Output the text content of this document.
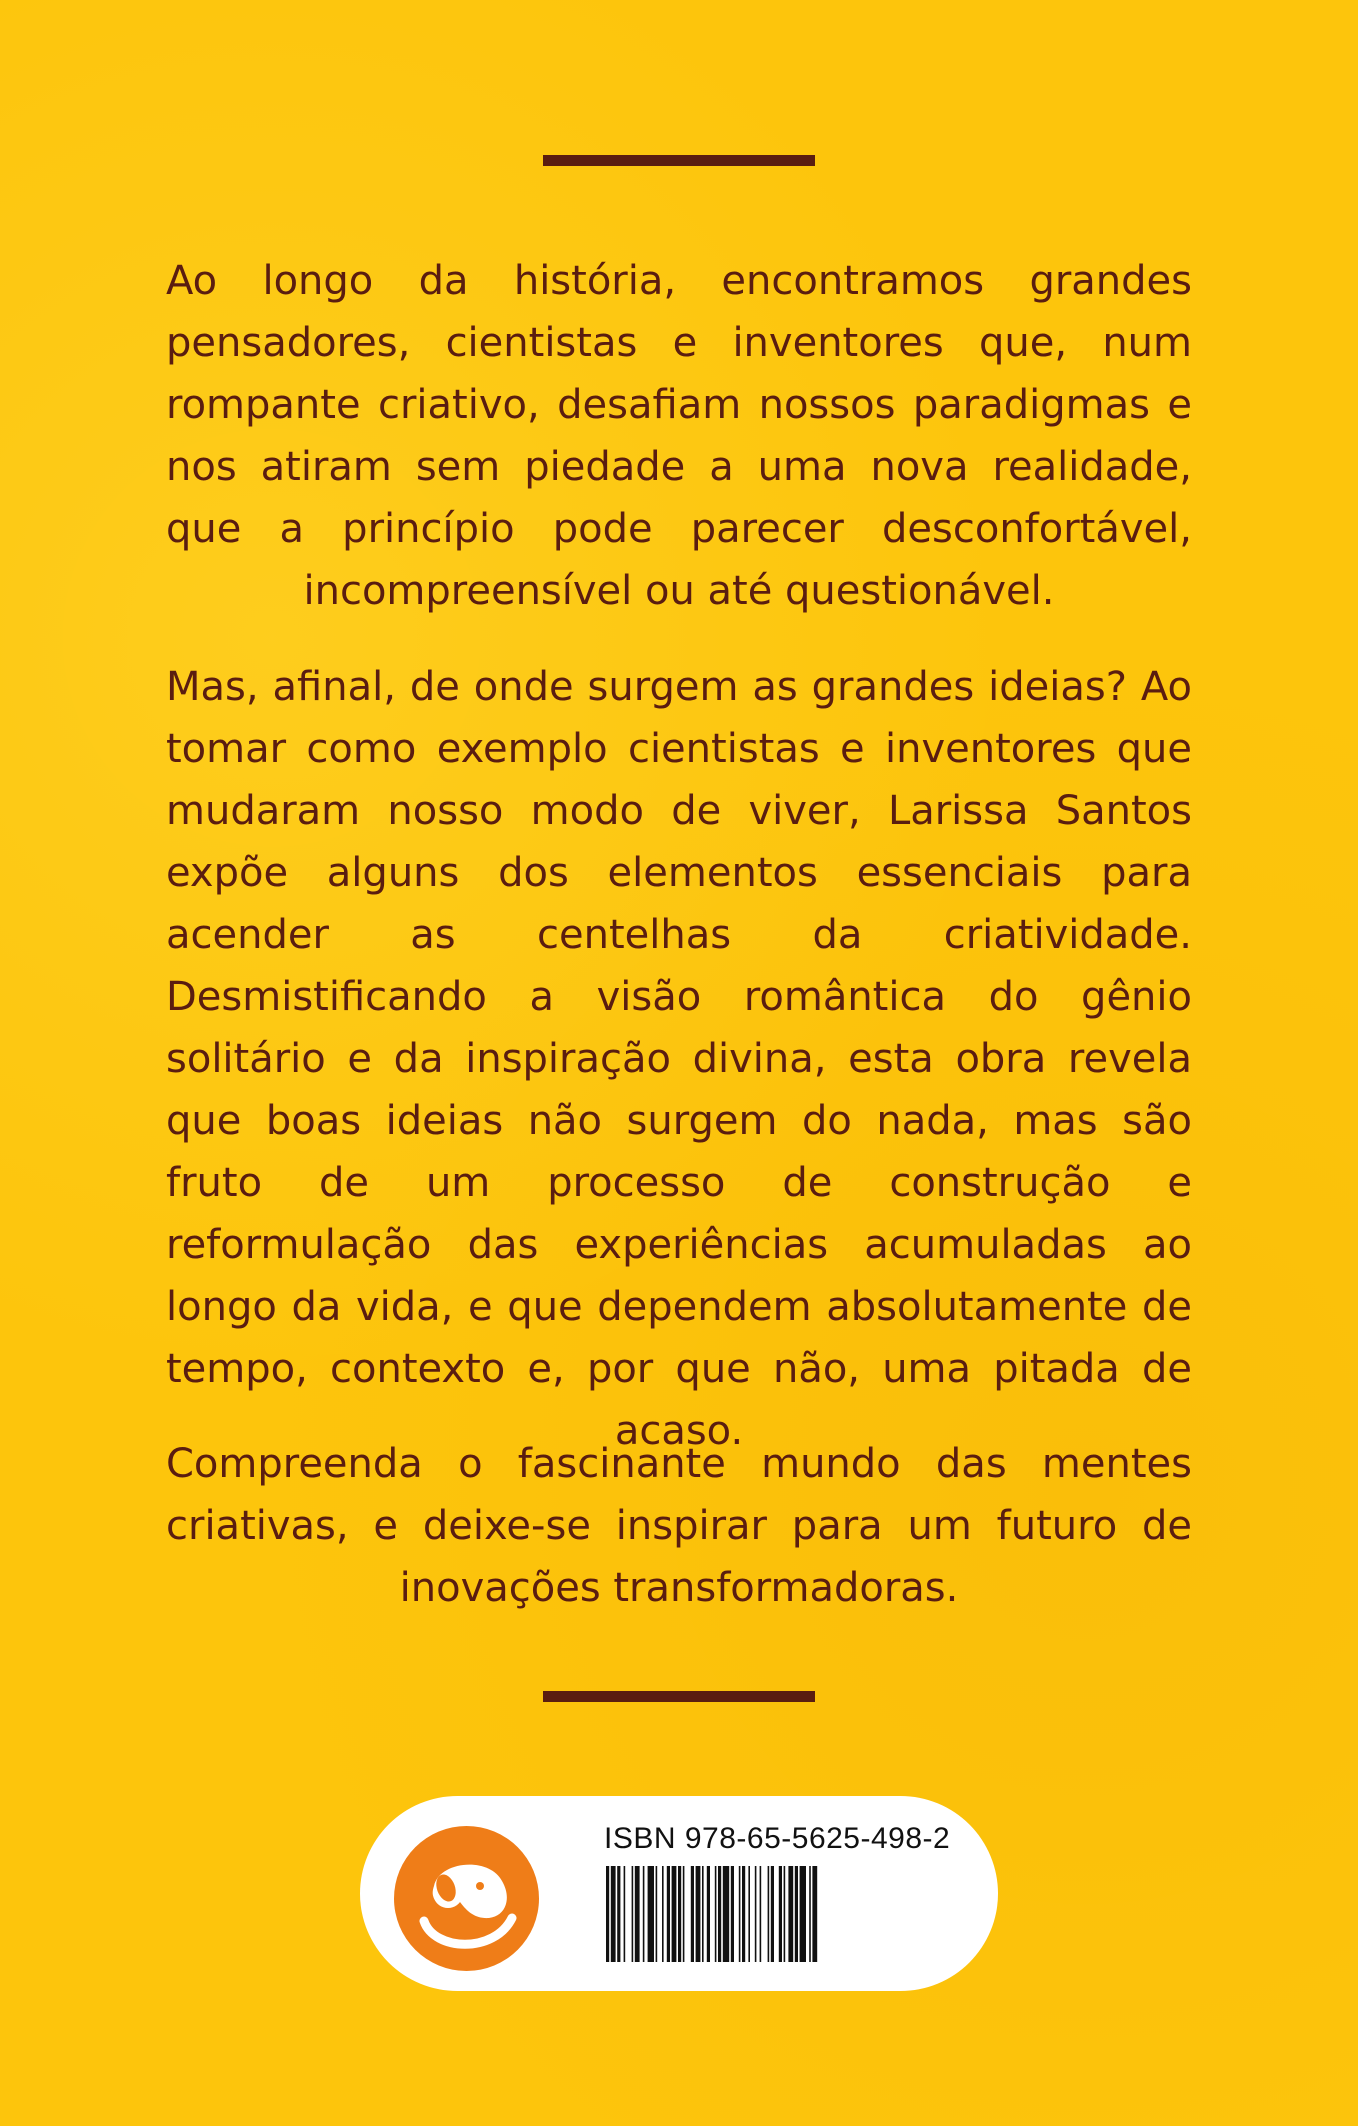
Ao longo da história, encontramos grandes pensadores, cientistas e inventores que, num rompante criativo, desafiam nossos paradigmas e nos atiram sem piedade a uma nova realidade, que a princípio pode parecer desconfortável, incompreensível ou até questionável.

Mas, afinal, de onde surgem as grandes ideias? Ao tomar como exemplo cientistas e inventores que mudaram nosso modo de viver, Larissa Santos expõe alguns dos elementos essenciais para acender as centelhas da criatividade. Desmistificando a visão romântica do gênio solitário e da inspiração divina, esta obra revela que boas ideias não surgem do nada, mas são fruto de um processo de construção e reformulação das experiências acumuladas ao longo da vida, e que dependem absolutamente de tempo, contexto e, por que não, uma pitada de acaso.

Compreenda o fascinante mundo das mentes criativas, e deixe-se inspirar para um futuro de inovações transformadoras.

ISBN 978-65-5625-498-2
